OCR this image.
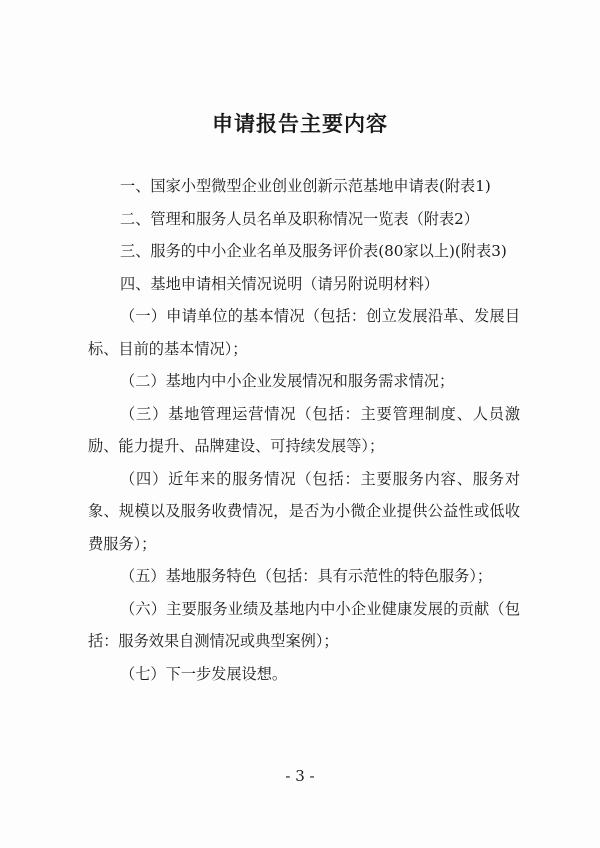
申请报告主要内容

一、国家小型微型企业创业创新示范基地申请表(附表1)

二、管理和服务人员名单及职称情况一览表（附表2）

三、服务的中小企业名单及服务评价表(80家以上)(附表3)

四、基地申请相关情况说明（请另附说明材料）

（一）申请单位的基本情况（包括：创立发展沿革、发展目标、目前的基本情况）；

（二）基地内中小企业发展情况和服务需求情况；

（三）基地管理运营情况（包括：主要管理制度、人员激励、能力提升、品牌建设、可持续发展等）；

（四）近年来的服务情况（包括：主要服务内容、服务对象、规模以及服务收费情况，是否为小微企业提供公益性或低收费服务）；

（五）基地服务特色（包括：具有示范性的特色服务）；

（六）主要服务业绩及基地内中小企业健康发展的贡献（包括：服务效果自测情况或典型案例）；

（七）下一步发展设想。

- 3 -
